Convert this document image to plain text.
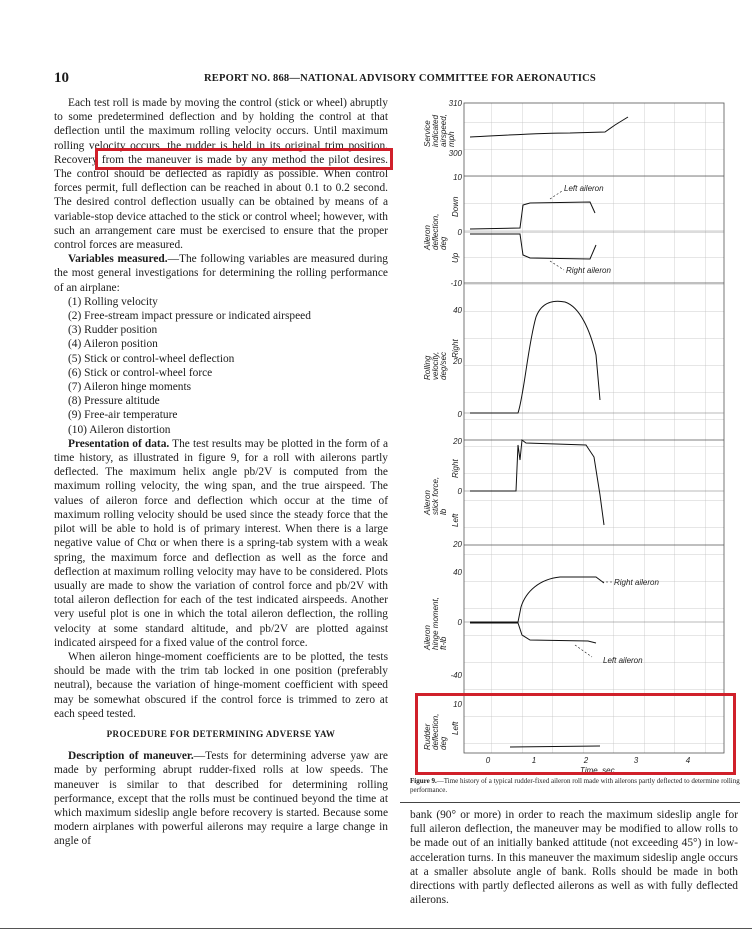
10	REPORT NO. 868—NATIONAL ADVISORY COMMITTEE FOR AERONAUTICS

Each test roll is made by moving the control (stick or wheel) abruptly to some predetermined deflection and by holding the control at that deflection until the maximum rolling velocity occurs. Until maximum rolling velocity occurs, the rudder is held in its original trim position. Recovery from the maneuver is made by any method the pilot desires. The control should be deflected as rapidly as possible. When control forces permit, full deflection can be reached in about 0.1 to 0.2 second. The desired control deflection usually can be obtained by means of a variable-stop device attached to the stick or control wheel; however, with such an arrangement care must be exercised to ensure that the proper control forces are measured.

Variables measured.—The following variables are measured during the most general investigations for determining the rolling performance of an airplane:

(1) Rolling velocity
(2) Free-stream impact pressure or indicated airspeed
(3) Rudder position
(4) Aileron position
(5) Stick or control-wheel deflection
(6) Stick or control-wheel force
(7) Aileron hinge moments
(8) Pressure altitude
(9) Free-air temperature
(10) Aileron distortion

Presentation of data. The test results may be plotted in the form of a time history, as illustrated in figure 9, for a roll with ailerons partly deflected. The maximum helix angle pb/2V is computed from the maximum rolling velocity, the wing span, and the true airspeed. The values of aileron force and deflection which occur at the time of maximum rolling velocity should be used since the steady force that the pilot will be able to hold is of primary interest. When there is a large negative value of Chα or when there is a spring-tab system with a weak spring, the maximum force and deflection as well as the force and deflection at maximum rolling velocity may have to be considered. Plots usually are made to show the variation of control force and pb/2V with total aileron deflection for each of the test indicated airspeeds. Another very useful plot is one in which the total aileron deflection, the rolling velocity at some standard altitude, and pb/2V are plotted against indicated airspeed for a fixed value of the control force.

When aileron hinge-moment coefficients are to be plotted, the tests should be made with the trim tab locked in one position (preferably neutral), because the variation of hinge-moment coefficient with speed may be somewhat obscured if the control force is trimmed to zero at each speed tested.

PROCEDURE FOR DETERMINING ADVERSE YAW

Description of maneuver.—Tests for determining adverse yaw are made by performing abrupt rudder-fixed rolls at low speeds. The maneuver is similar to that described for determining rolling performance, except that the rolls must be continued beyond the time at which maximum sideslip angle before recovery is started. Because some modern airplanes with powerful ailerons may require a large change in angle of

310
300
Service indicated airspeed, mph
10
0
-10
Aileron deflection, deg
Down
Up
Left aileron
Right aileron
40
20
0
Rolling velocity, deg/sec
Right
20
0
20
Aileron stick force, lb
Right
Left
40
0
-40
Aileron hinge moment, ft-lb
Right aileron
Left aileron
10
Rudder deflection, deg
Left
0	1	2	3	4
Time, sec
Figure 9.—Time history of a typical rudder-fixed aileron roll made with ailerons partly deflected to determine rolling performance.

bank (90° or more) in order to reach the maximum sideslip angle for full aileron deflection, the maneuver may be modified to allow rolls to be made out of an initially banked attitude (not exceeding 45°) in low-acceleration turns. In this maneuver the maximum sideslip angle occurs at a smaller absolute angle of bank. Rolls should be made in both directions with partly deflected ailerons as well as with fully deflected ailerons.
